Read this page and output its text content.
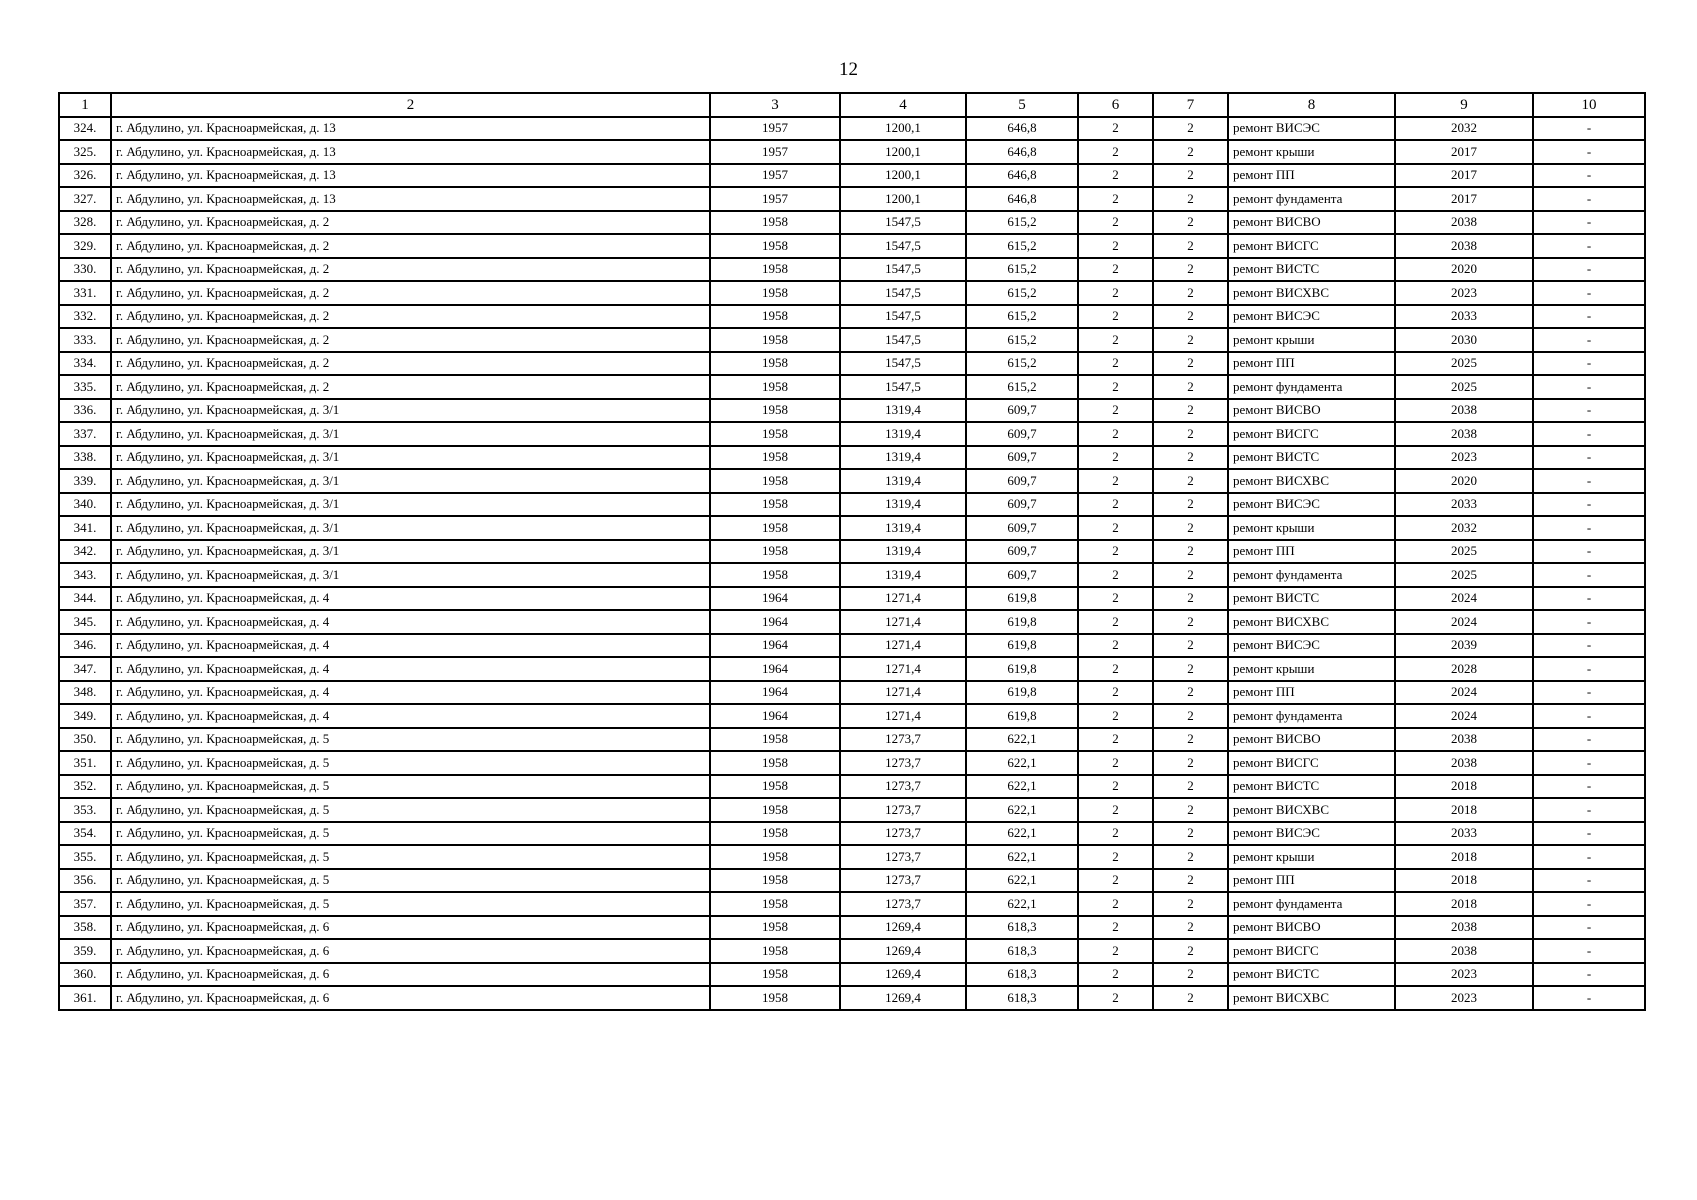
12
1	2	3	4	5	6	7	8	9	10
324.	г. Абдулино, ул. Красноармейская, д. 13	1957	1200,1	646,8	2	2	ремонт ВИСЭС	2032	-
325.	г. Абдулино, ул. Красноармейская, д. 13	1957	1200,1	646,8	2	2	ремонт крыши	2017	-
326.	г. Абдулино, ул. Красноармейская, д. 13	1957	1200,1	646,8	2	2	ремонт ПП	2017	-
327.	г. Абдулино, ул. Красноармейская, д. 13	1957	1200,1	646,8	2	2	ремонт фундамента	2017	-
328.	г. Абдулино, ул. Красноармейская, д. 2	1958	1547,5	615,2	2	2	ремонт ВИСВО	2038	-
329.	г. Абдулино, ул. Красноармейская, д. 2	1958	1547,5	615,2	2	2	ремонт ВИСГС	2038	-
330.	г. Абдулино, ул. Красноармейская, д. 2	1958	1547,5	615,2	2	2	ремонт ВИСТС	2020	-
331.	г. Абдулино, ул. Красноармейская, д. 2	1958	1547,5	615,2	2	2	ремонт ВИСХВС	2023	-
332.	г. Абдулино, ул. Красноармейская, д. 2	1958	1547,5	615,2	2	2	ремонт ВИСЭС	2033	-
333.	г. Абдулино, ул. Красноармейская, д. 2	1958	1547,5	615,2	2	2	ремонт крыши	2030	-
334.	г. Абдулино, ул. Красноармейская, д. 2	1958	1547,5	615,2	2	2	ремонт ПП	2025	-
335.	г. Абдулино, ул. Красноармейская, д. 2	1958	1547,5	615,2	2	2	ремонт фундамента	2025	-
336.	г. Абдулино, ул. Красноармейская, д. 3/1	1958	1319,4	609,7	2	2	ремонт ВИСВО	2038	-
337.	г. Абдулино, ул. Красноармейская, д. 3/1	1958	1319,4	609,7	2	2	ремонт ВИСГС	2038	-
338.	г. Абдулино, ул. Красноармейская, д. 3/1	1958	1319,4	609,7	2	2	ремонт ВИСТС	2023	-
339.	г. Абдулино, ул. Красноармейская, д. 3/1	1958	1319,4	609,7	2	2	ремонт ВИСХВС	2020	-
340.	г. Абдулино, ул. Красноармейская, д. 3/1	1958	1319,4	609,7	2	2	ремонт ВИСЭС	2033	-
341.	г. Абдулино, ул. Красноармейская, д. 3/1	1958	1319,4	609,7	2	2	ремонт крыши	2032	-
342.	г. Абдулино, ул. Красноармейская, д. 3/1	1958	1319,4	609,7	2	2	ремонт ПП	2025	-
343.	г. Абдулино, ул. Красноармейская, д. 3/1	1958	1319,4	609,7	2	2	ремонт фундамента	2025	-
344.	г. Абдулино, ул. Красноармейская, д. 4	1964	1271,4	619,8	2	2	ремонт ВИСТС	2024	-
345.	г. Абдулино, ул. Красноармейская, д. 4	1964	1271,4	619,8	2	2	ремонт ВИСХВС	2024	-
346.	г. Абдулино, ул. Красноармейская, д. 4	1964	1271,4	619,8	2	2	ремонт ВИСЭС	2039	-
347.	г. Абдулино, ул. Красноармейская, д. 4	1964	1271,4	619,8	2	2	ремонт крыши	2028	-
348.	г. Абдулино, ул. Красноармейская, д. 4	1964	1271,4	619,8	2	2	ремонт ПП	2024	-
349.	г. Абдулино, ул. Красноармейская, д. 4	1964	1271,4	619,8	2	2	ремонт фундамента	2024	-
350.	г. Абдулино, ул. Красноармейская, д. 5	1958	1273,7	622,1	2	2	ремонт ВИСВО	2038	-
351.	г. Абдулино, ул. Красноармейская, д. 5	1958	1273,7	622,1	2	2	ремонт ВИСГС	2038	-
352.	г. Абдулино, ул. Красноармейская, д. 5	1958	1273,7	622,1	2	2	ремонт ВИСТС	2018	-
353.	г. Абдулино, ул. Красноармейская, д. 5	1958	1273,7	622,1	2	2	ремонт ВИСХВС	2018	-
354.	г. Абдулино, ул. Красноармейская, д. 5	1958	1273,7	622,1	2	2	ремонт ВИСЭС	2033	-
355.	г. Абдулино, ул. Красноармейская, д. 5	1958	1273,7	622,1	2	2	ремонт крыши	2018	-
356.	г. Абдулино, ул. Красноармейская, д. 5	1958	1273,7	622,1	2	2	ремонт ПП	2018	-
357.	г. Абдулино, ул. Красноармейская, д. 5	1958	1273,7	622,1	2	2	ремонт фундамента	2018	-
358.	г. Абдулино, ул. Красноармейская, д. 6	1958	1269,4	618,3	2	2	ремонт ВИСВО	2038	-
359.	г. Абдулино, ул. Красноармейская, д. 6	1958	1269,4	618,3	2	2	ремонт ВИСГС	2038	-
360.	г. Абдулино, ул. Красноармейская, д. 6	1958	1269,4	618,3	2	2	ремонт ВИСТС	2023	-
361.	г. Абдулино, ул. Красноармейская, д. 6	1958	1269,4	618,3	2	2	ремонт ВИСХВС	2023	-
